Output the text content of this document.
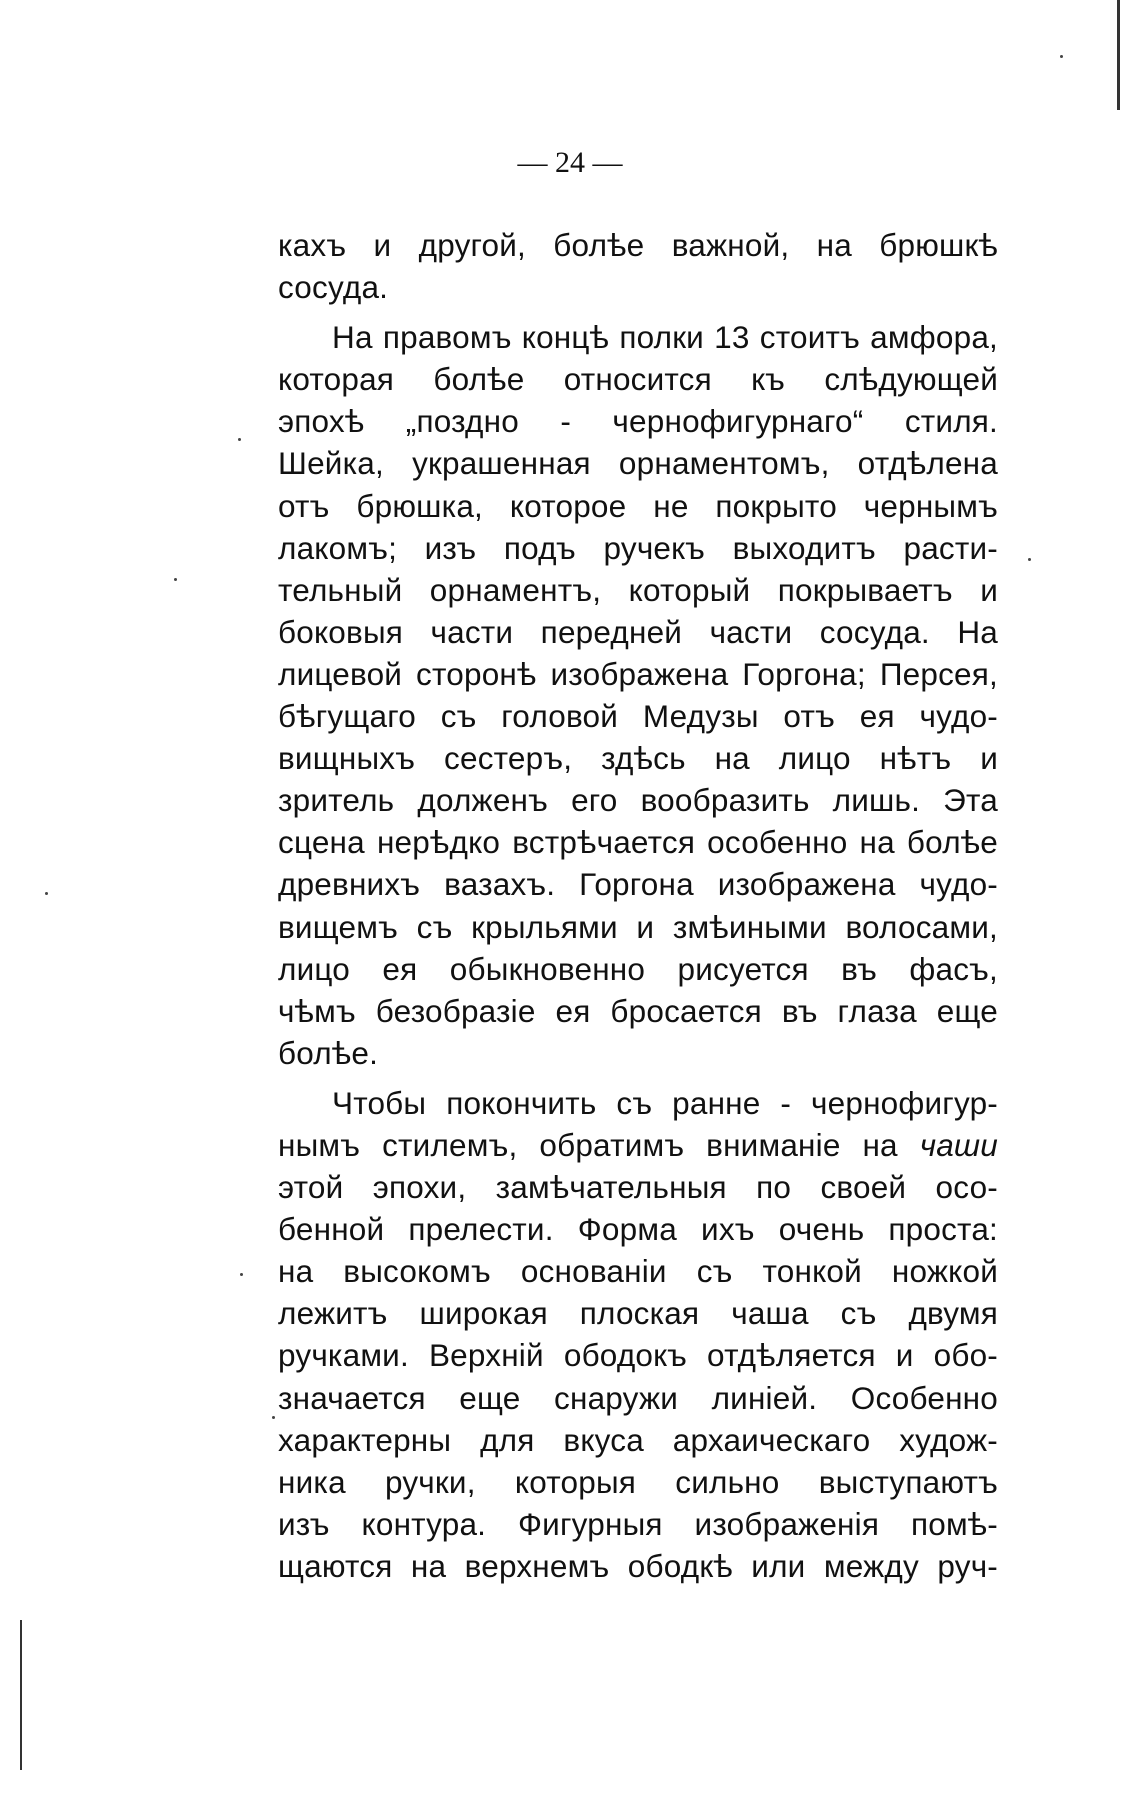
— 24 —
кахъ и другой, болѣе важной, на брюшкѣ
сосуда.
На правомъ концѣ полки 13 стоитъ амфора,
которая болѣе относится къ слѣдующей
эпохѣ „поздно - чернофигурнаго“ стиля.
Шейка, украшенная орнаментомъ, отдѣлена
отъ брюшка, которое не покрыто чернымъ
лакомъ; изъ подъ ручекъ выходитъ расти-
тельный орнаментъ, который покрываетъ и
боковыя части передней части сосуда. На
лицевой сторонѣ изображена Горгона; Персея,
бѣгущаго съ головой Медузы отъ ея чудо-
вищныхъ сестеръ, здѣсь на лицо нѣтъ и
зритель долженъ его вообразить лишь. Эта
сцена нерѣдко встрѣчается особенно на болѣе
древнихъ вазахъ. Горгона изображена чудо-
вищемъ съ крыльями и змѣиными волосами,
лицо ея обыкновенно рисуется въ фасъ,
чѣмъ безобразіе ея бросается въ глаза еще
болѣе.
Чтобы покончить съ ранне - чернофигур-
нымъ стилемъ, обратимъ вниманіе на чаши
этой эпохи, замѣчательныя по своей осо-
бенной прелести. Форма ихъ очень проста:
на высокомъ основаніи съ тонкой ножкой
лежитъ широкая плоская чаша съ двумя
ручками. Верхній ободокъ отдѣляется и обо-
значается еще снаружи линіей. Особенно
характерны для вкуса архаическаго худож-
ника ручки, которыя сильно выступаютъ
изъ контура. Фигурныя изображенія помѣ-
щаются на верхнемъ ободкѣ или между руч-
